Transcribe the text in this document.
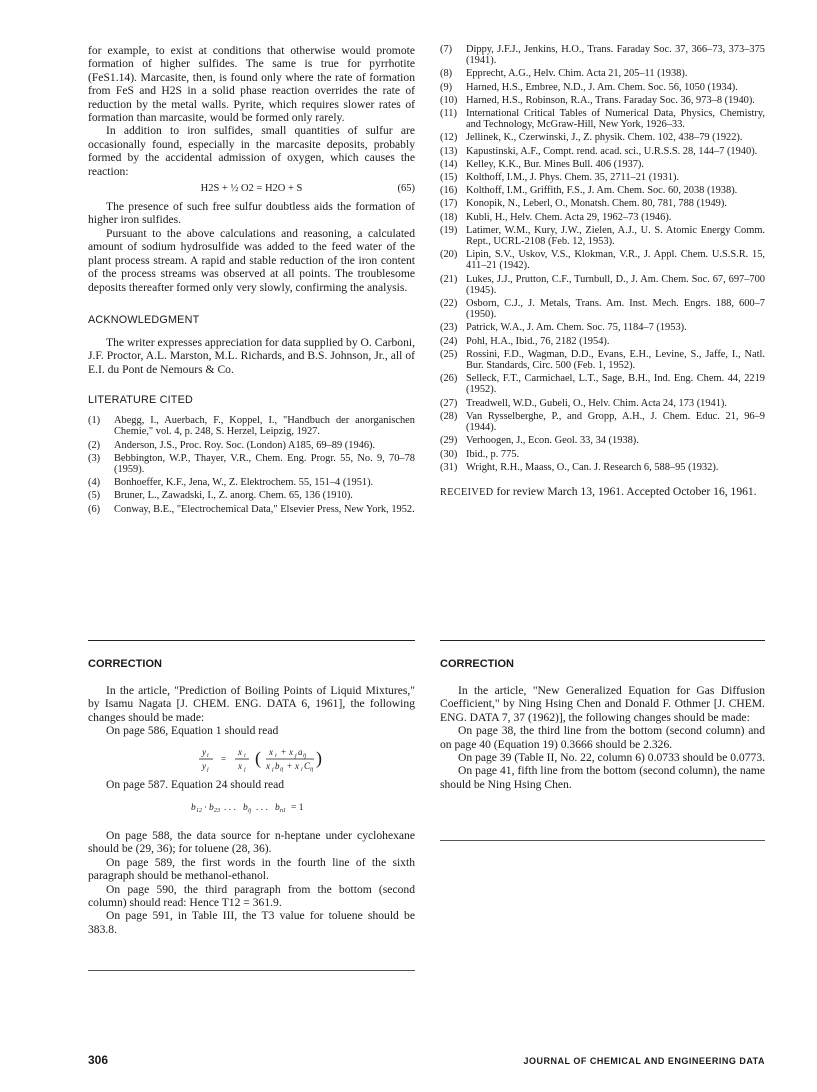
for example, to exist at conditions that otherwise would promote formation of higher sulfides. The same is true for pyrrhotite (FeS1.14). Marcasite, then, is found only where the rate of formation from FeS and H2S in a solid phase reaction overrides the rate of reduction by the metal walls. Pyrite, which requires slower rates of formation than marcasite, would be formed only rarely.

In addition to iron sulfides, small quantities of sulfur are occasionally found, especially in the marcasite deposits, probably formed by the accidental admission of oxygen, which causes the reaction:

H2S + ½ O2 = H2O + S	(65)

The presence of such free sulfur doubtless aids the formation of higher iron sulfides.

Pursuant to the above calculations and reasoning, a calculated amount of sodium hydrosulfide was added to the feed water of the plant process stream. A rapid and stable reduction of the iron content of the process streams was observed at all points. The troublesome deposits thereafter formed only very slowly, confirming the analysis.

ACKNOWLEDGMENT

The writer expresses appreciation for data supplied by O. Carboni, J.F. Proctor, A.L. Marston, M.L. Richards, and B.S. Johnson, Jr., all of E.I. du Pont de Nemours & Co.

LITERATURE CITED

(1)	Abegg, I., Auerbach, F., Koppel, I., "Handbuch der anorganischen Chemie," vol. 4, p. 248, S. Herzel, Leipzig, 1927.
(2)	Anderson, J.S., Proc. Roy. Soc. (London) A185, 69–89 (1946).
(3)	Bebbington, W.P., Thayer, V.R., Chem. Eng. Progr. 55, No. 9, 70–78 (1959).
(4)	Bonhoeffer, K.F., Jena, W., Z. Elektrochem. 55, 151–4 (1951).
(5)	Bruner, L., Zawadski, I., Z. anorg. Chem. 65, 136 (1910).
(6)	Conway, B.E., "Electrochemical Data," Elsevier Press, New York, 1952.
(7)	Dippy, J.F.J., Jenkins, H.O., Trans. Faraday Soc. 37, 366–73, 373–375 (1941).
(8)	Epprecht, A.G., Helv. Chim. Acta 21, 205–11 (1938).
(9)	Harned, H.S., Embree, N.D., J. Am. Chem. Soc. 56, 1050 (1934).
(10) Harned, H.S., Robinson, R.A., Trans. Faraday Soc. 36, 973–8 (1940).
(11) International Critical Tables of Numerical Data, Physics, Chemistry, and Technology, McGraw-Hill, New York, 1926–33.
(12) Jellinek, K., Czerwinski, J., Z. physik. Chem. 102, 438–79 (1922).
(13) Kapustinski, A.F., Compt. rend. acad. sci., U.R.S.S. 28, 144–7 (1940).
(14) Kelley, K.K., Bur. Mines Bull. 406 (1937).
(15) Kolthoff, I.M., J. Phys. Chem. 35, 2711–21 (1931).
(16) Kolthoff, I.M., Griffith, F.S., J. Am. Chem. Soc. 60, 2038 (1938).
(17) Konopik, N., Leberl, O., Monatsh. Chem. 80, 781, 788 (1949).
(18) Kubli, H., Helv. Chem. Acta 29, 1962–73 (1946).
(19) Latimer, W.M., Kury, J.W., Zielen, A.J., U. S. Atomic Energy Comm. Rept., UCRL-2108 (Feb. 12, 1953).
(20) Lipin, S.V., Uskov, V.S., Klokman, V.R., J. Appl. Chem. U.S.S.R. 15, 411–21 (1942).
(21) Lukes, J.J., Prutton, C.F., Turnbull, D., J. Am. Chem. Soc. 67, 697–700 (1945).
(22) Osborn, C.J., J. Metals, Trans. Am. Inst. Mech. Engrs. 188, 600–7 (1950).
(23) Patrick, W.A., J. Am. Chem. Soc. 75, 1184–7 (1953).
(24) Pohl, H.A., Ibid., 76, 2182 (1954).
(25) Rossini, F.D., Wagman, D.D., Evans, E.H., Levine, S., Jaffe, I., Natl. Bur. Standards, Circ. 500 (Feb. 1, 1952).
(26) Selleck, F.T., Carmichael, L.T., Sage, B.H., Ind. Eng. Chem. 44, 2219 (1952).
(27) Treadwell, W.D., Gubeli, O., Helv. Chim. Acta 24, 173 (1941).
(28) Van Rysselberghe, P., and Gropp, A.H., J. Chem. Educ. 21, 96–9 (1944).
(29) Verhoogen, J., Econ. Geol. 33, 34 (1938).
(30) Ibid., p. 775.
(31) Wright, R.H., Maass, O., Can. J. Research 6, 588–95 (1932).

RECEIVED for review March 13, 1961. Accepted October 16, 1961.

CORRECTION

In the article, "Prediction of Boiling Points of Liquid Mixtures," by Isamu Nagata [J. CHEM. ENG. DATA 6, 1961], the following changes should be made:

On page 586, Equation 1 should read

y i
y j
=
x i
x j
( x i + x j a ij
x j b ij + x i C ij
)

On page 587. Equation 24 should read

b 12 · b 23 . . . b ij . . . b n1 = 1

On page 588, the data source for n-heptane under cyclohexane should be (29, 36); for toluene (28, 36).

On page 589, the first words in the fourth line of the sixth paragraph should be methanol-ethanol.

On page 590, the third paragraph from the bottom (second column) should read: Hence T12 = 361.9.

On page 591, in Table III, the T3 value for toluene should be 383.8.

CORRECTION

In the article, "New Generalized Equation for Gas Diffusion Coefficient," by Ning Hsing Chen and Donald F. Othmer [J. CHEM. ENG. DATA 7, 37 (1962)], the following changes should be made:

On page 38, the third line from the bottom (second column) and on page 40 (Equation 19) 0.3666 should be 2.326.

On page 39 (Table II, No. 22, column 6) 0.0733 should be 0.0773.

On page 41, fifth line from the bottom (second column), the name should be Ning Hsing Chen.

306	JOURNAL OF CHEMICAL AND ENGINEERING DATA
